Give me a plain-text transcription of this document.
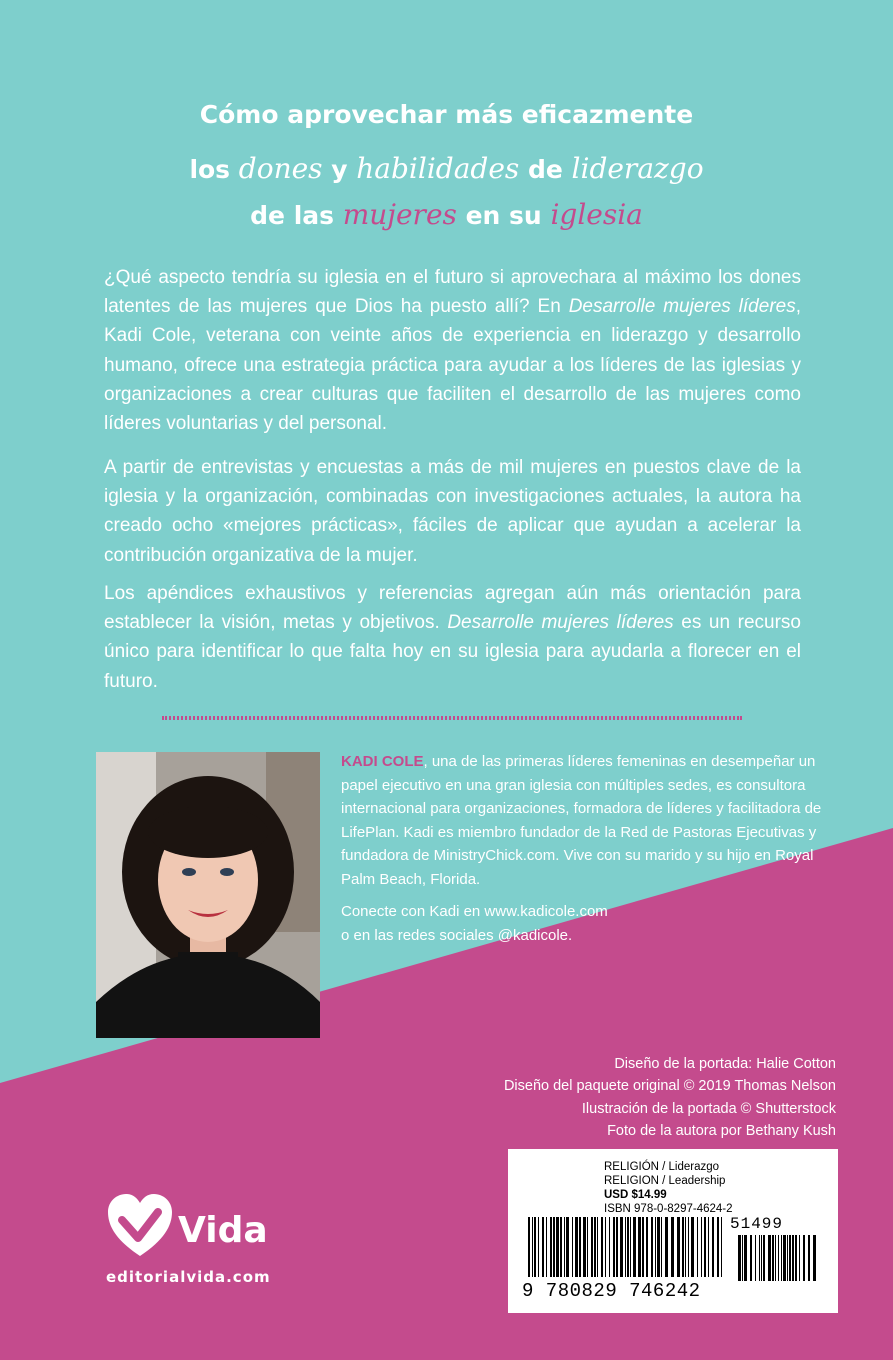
Cómo aprovechar más eficazmente
los dones y habilidades de liderazgo
de las mujeres en su iglesia

¿Qué aspecto tendría su iglesia en el futuro si aprovechara al máximo los dones latentes de las mujeres que Dios ha puesto allí? En Desarrolle mujeres líderes, Kadi Cole, veterana con veinte años de experiencia en liderazgo y desarrollo humano, ofrece una estrategia práctica para ayudar a los líderes de las iglesias y organizaciones a crear culturas que faciliten el desarrollo de las mujeres como líderes voluntarias y del personal.

A partir de entrevistas y encuestas a más de mil mujeres en puestos clave de la iglesia y la organización, combinadas con investigaciones actuales, la autora ha creado ocho «mejores prácticas», fáciles de aplicar que ayudan a acelerar la contribución organizativa de la mujer.

Los apéndices exhaustivos y referencias agregan aún más orientación para establecer la visión, metas y objetivos. Desarrolle mujeres líderes es un recurso único para identificar lo que falta hoy en su iglesia para ayudarla a florecer en el futuro.

KADI COLE, una de las primeras líderes femeninas en desempeñar un papel ejecutivo en una gran iglesia con múltiples sedes, es consultora internacional para organizaciones, formadora de líderes y facilitadora de LifePlan. Kadi es miembro fundador de la Red de Pastoras Ejecutivas y fundadora de MinistryChick.com. Vive con su marido y su hijo en Royal Palm Beach, Florida.

Conecte con Kadi en www.kadicole.com
o en las redes sociales @kadicole.

Diseño de la portada: Halie Cotton
Diseño del paquete original © 2019 Thomas Nelson
Ilustración de la portada © Shutterstock
Foto de la autora por Bethany Kush
Vida
editorialvida.com
RELIGIÓN / Liderazgo
RELIGION / Leadership
USD $14.99
ISBN 978-0-8297-4624-2
51499
9 780829 746242
